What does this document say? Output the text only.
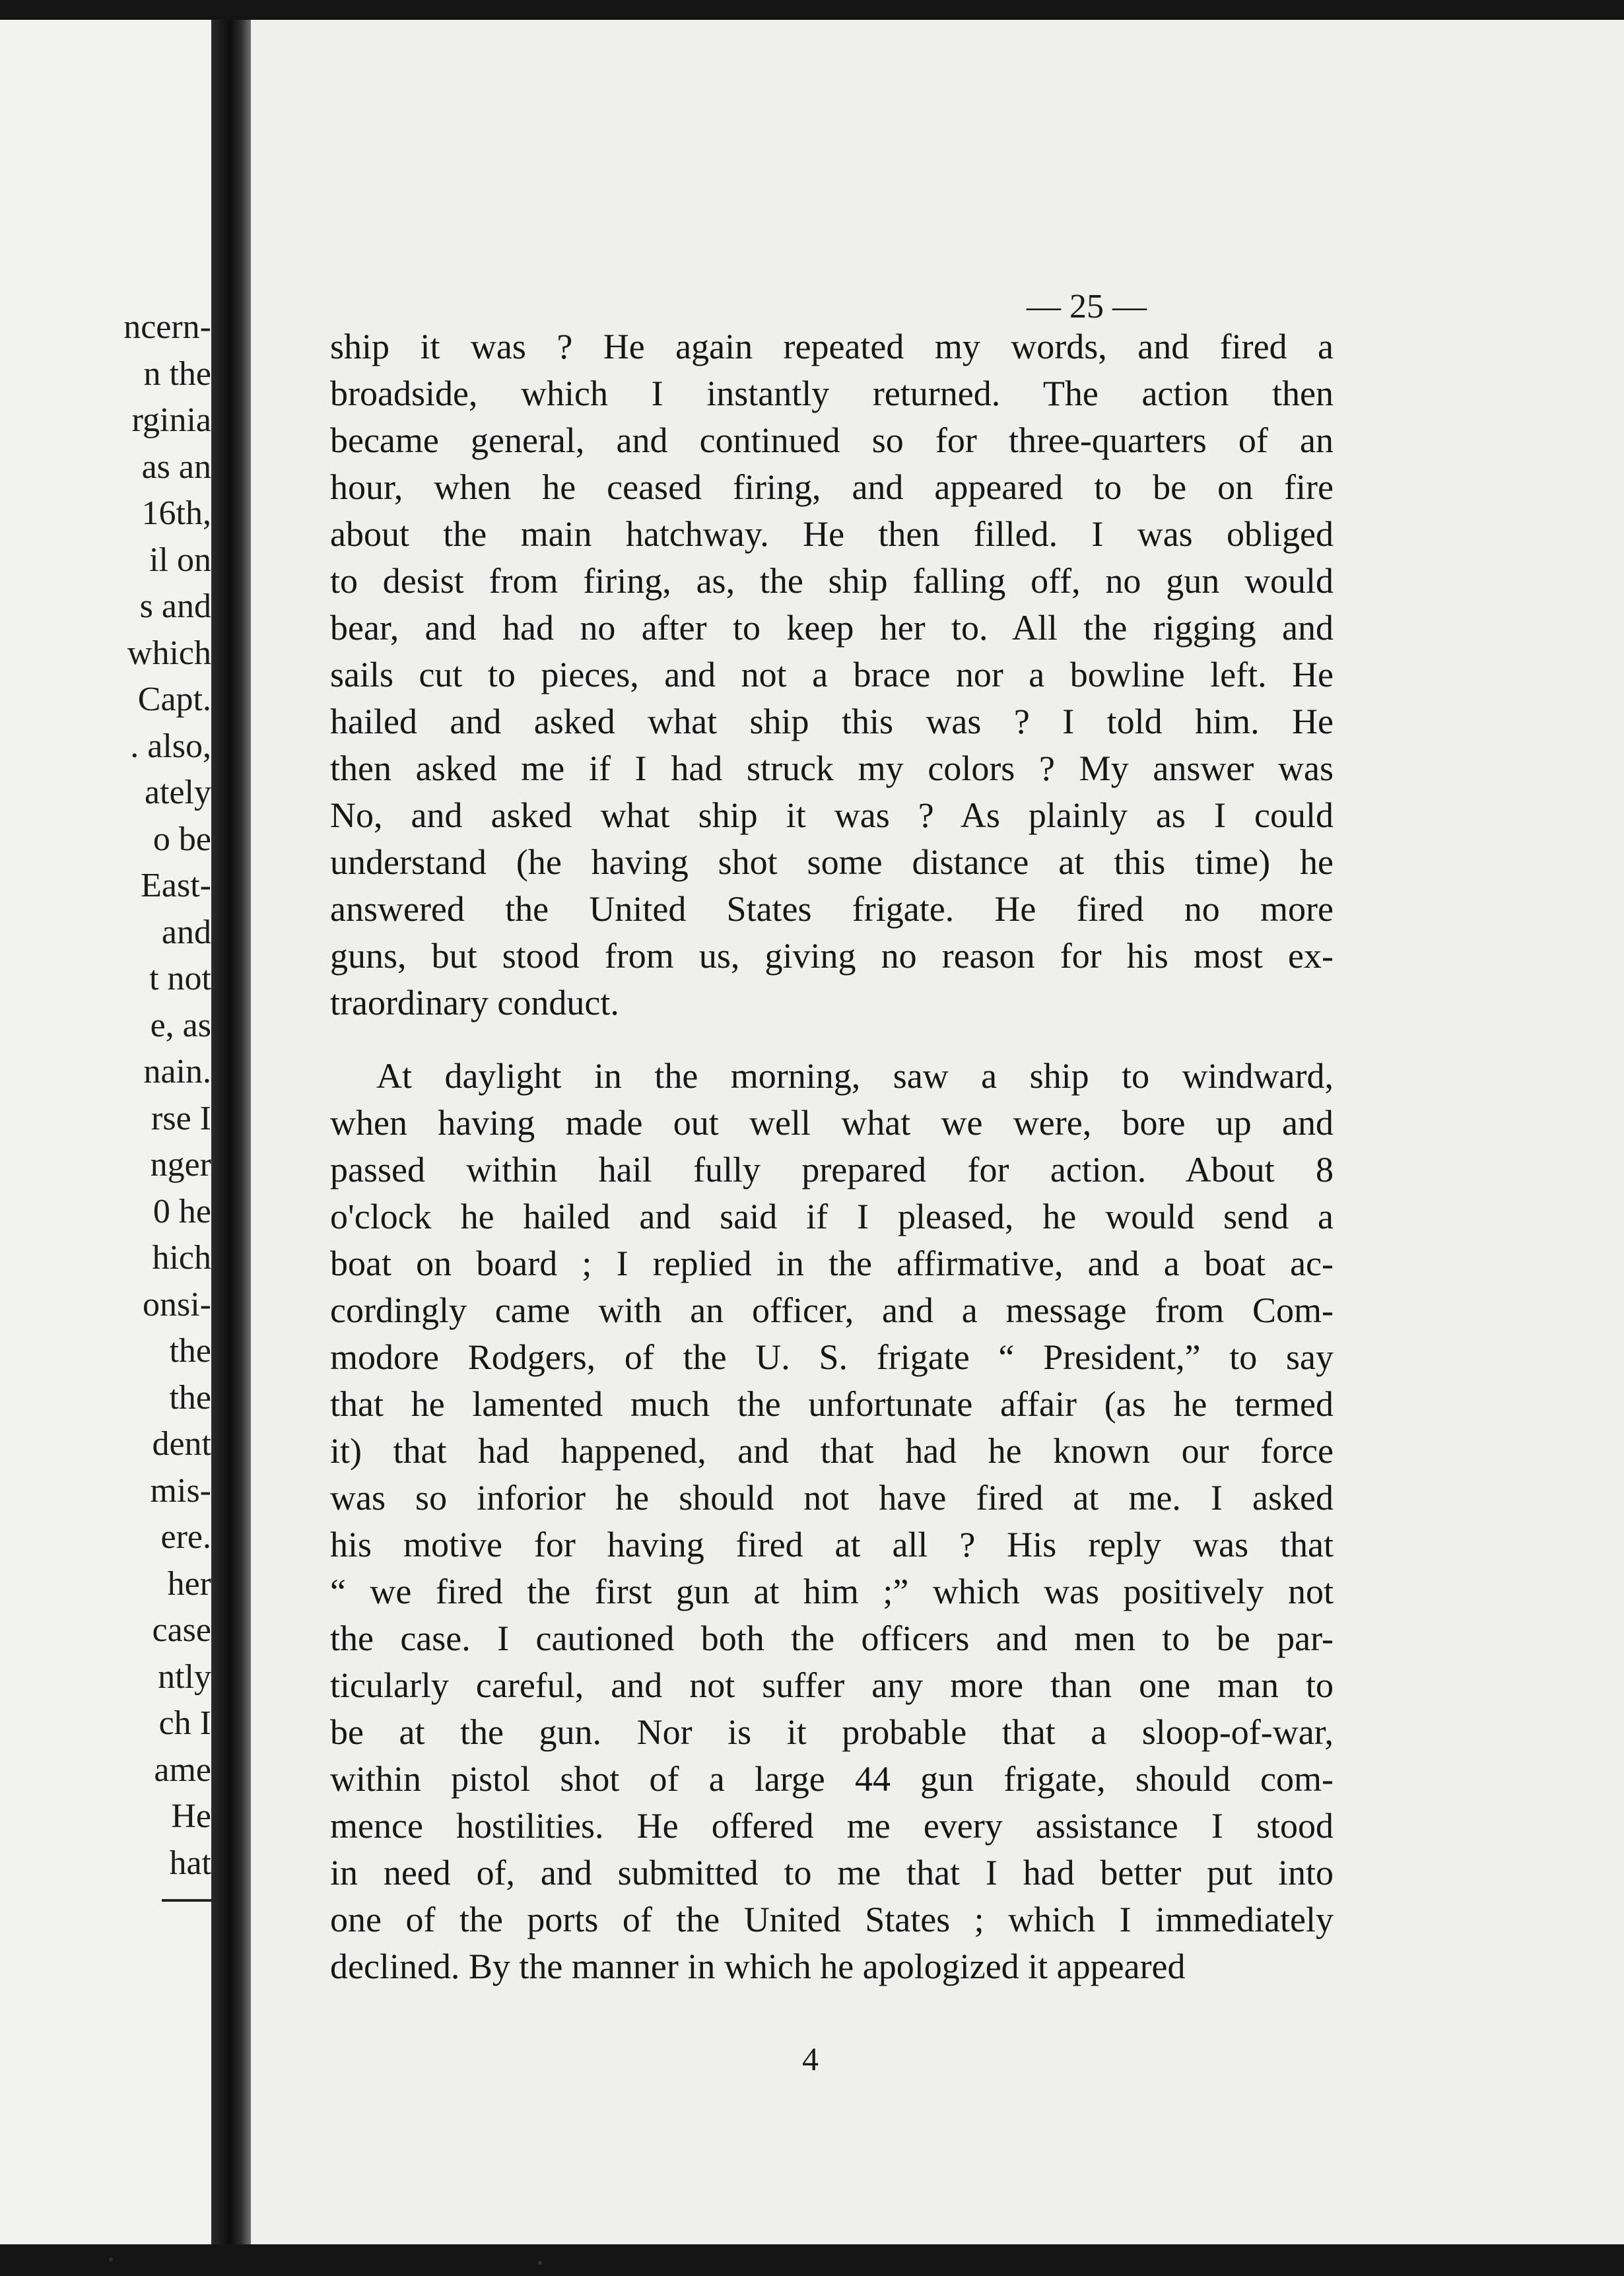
ncern-
n the
rginia
as an
16th,
il on
s and
which
Capt.
. also,
ately
o be
East-
and
t not
e, as
nain.
rse I
nger
0 he
hich
onsi-
the
the
dent
mis-
ere.
her
case
ntly
ch I
ame
He
hat
— 25 —
ship it was ? He again repeated my words, and fired a
broadside, which I instantly returned. The action then
became general, and continued so for three-quarters of an
hour, when he ceased firing, and appeared to be on fire
about the main hatchway. He then filled. I was obliged
to desist from firing, as, the ship falling off, no gun would
bear, and had no after to keep her to. All the rigging and
sails cut to pieces, and not a brace nor a bowline left. He
hailed and asked what ship this was ? I told him. He
then asked me if I had struck my colors ? My answer was
No, and asked what ship it was ? As plainly as I could
understand (he having shot some distance at this time) he
answered the United States frigate. He fired no more
guns, but stood from us, giving no reason for his most ex-
traordinary conduct.
At daylight in the morning, saw a ship to windward,
when having made out well what we were, bore up and
passed within hail fully prepared for action. About 8
o'clock he hailed and said if I pleased, he would send a
boat on board ; I replied in the affirmative, and a boat ac-
cordingly came with an officer, and a message from Com-
modore Rodgers, of the U. S. frigate “ President,” to say
that he lamented much the unfortunate affair (as he termed
it) that had happened, and that had he known our force
was so inforior he should not have fired at me. I asked
his motive for having fired at all ? His reply was that
“ we fired the first gun at him ;” which was positively not
the case. I cautioned both the officers and men to be par-
ticularly careful, and not suffer any more than one man to
be at the gun. Nor is it probable that a sloop-of-war,
within pistol shot of a large 44 gun frigate, should com-
mence hostilities. He offered me every assistance I stood
in need of, and submitted to me that I had better put into
one of the ports of the United States ; which I immediately
declined. By the manner in which he apologized it appeared
4
